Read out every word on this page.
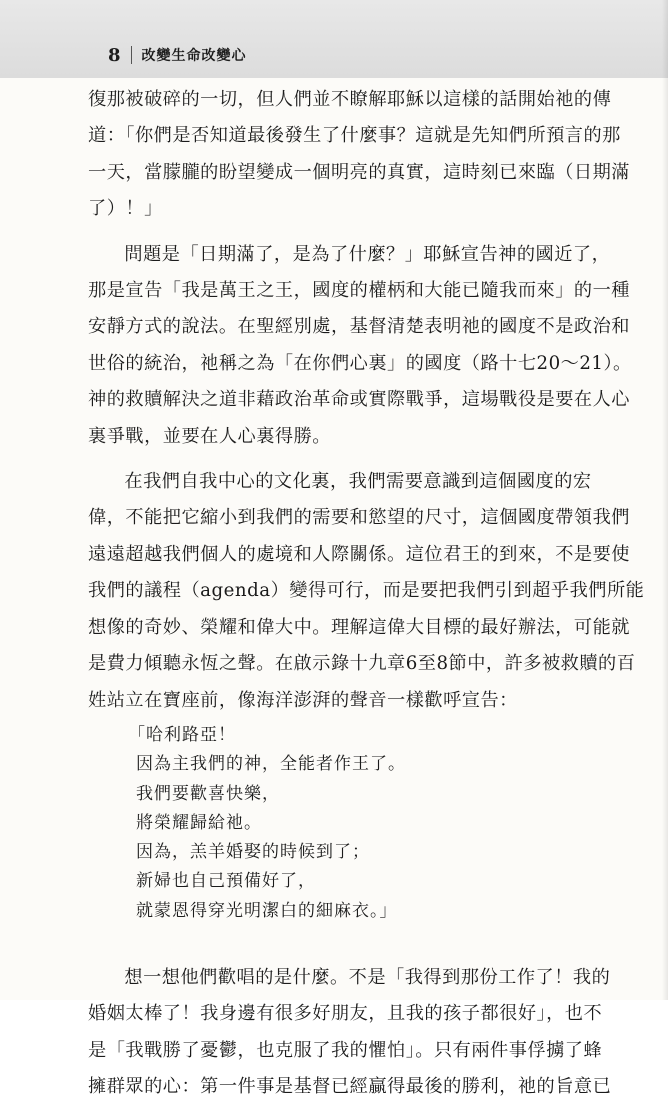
8 改變生命改變心

復那被破碎的一切，但人們並不瞭解耶穌以這樣的話開始祂的傳
道：「你們是否知道最後發生了什麼事？這就是先知們所預言的那
一天，當朦朧的盼望變成一個明亮的真實，這時刻已來臨（日期滿
了）！」

問題是「日期滿了，是為了什麼？」耶穌宣告神的國近了，
那是宣告「我是萬王之王，國度的權柄和大能已隨我而來」的一種
安靜方式的說法。在聖經別處，基督清楚表明祂的國度不是政治和
世俗的統治，祂稱之為「在你們心裏」的國度（路十七20～21）。
神的救贖解決之道非藉政治革命或實際戰爭，這場戰役是要在人心
裏爭戰，並要在人心裏得勝。

在我們自我中心的文化裏，我們需要意識到這個國度的宏
偉，不能把它縮小到我們的需要和慾望的尺寸，這個國度帶領我們
遠遠超越我們個人的處境和人際關係。這位君王的到來，不是要使
我們的議程（agenda）變得可行，而是要把我們引到超乎我們所能
想像的奇妙、榮耀和偉大中。理解這偉大目標的最好辦法，可能就
是費力傾聽永恆之聲。在啟示錄十九章6至8節中，許多被救贖的百
姓站立在寶座前，像海洋澎湃的聲音一樣歡呼宣告：

「哈利路亞！
因為主我們的神，全能者作王了。
我們要歡喜快樂，
將榮耀歸給祂。
因為，羔羊婚娶的時候到了；
新婦也自己預備好了，
就蒙恩得穿光明潔白的細麻衣。」

想一想他們歡唱的是什麼。不是「我得到那份工作了！我的
婚姻太棒了！我身邊有很多好朋友，且我的孩子都很好」，也不
是「我戰勝了憂鬱，也克服了我的懼怕」。只有兩件事俘擄了蜂
擁群眾的心：第一件事是基督已經贏得最後的勝利，祂的旨意已
